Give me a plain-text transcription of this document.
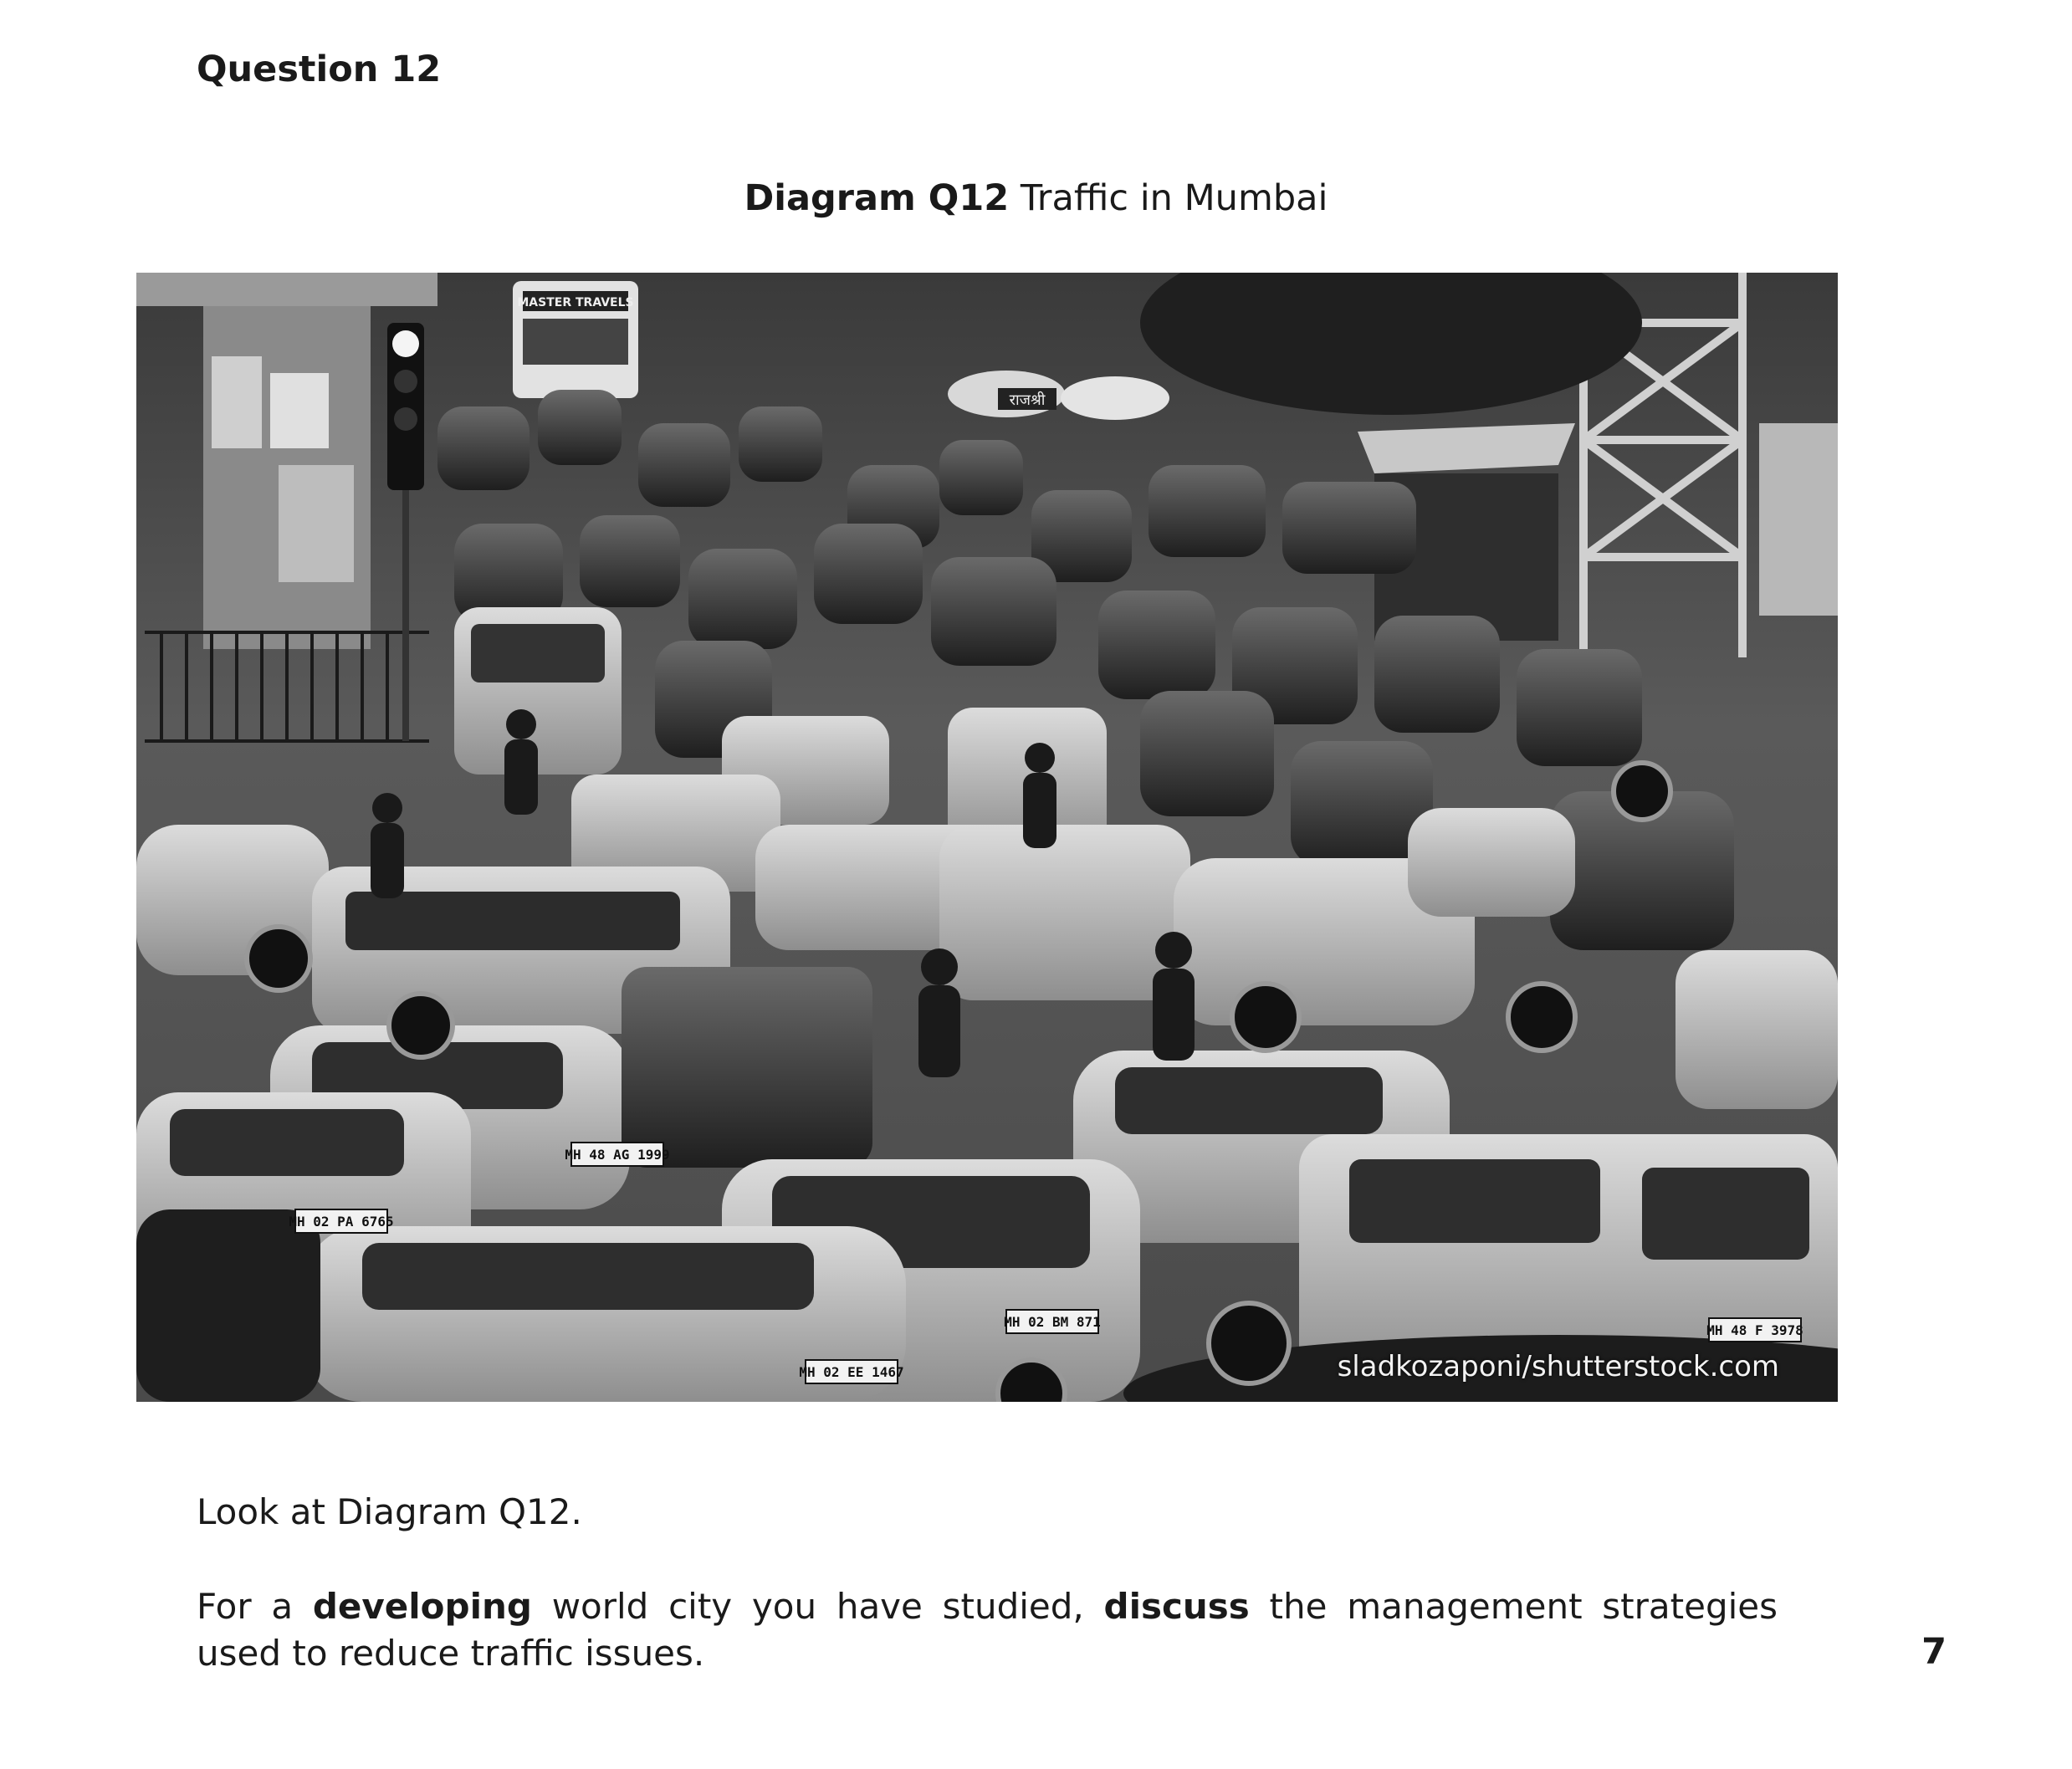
Question 12

Diagram Q12 Traffic in Mumbai

राजश्री
MASTER TRAVELS
MH 48 AG 1999
MH 02 PA 6765
MH 02 BM 871
MH 02 EE 1467
MH 48 F 3978
sladkozaponi/shutterstock.com

Look at Diagram Q12.

For a developing world city you have studied, discuss the management strategies used to reduce traffic issues.	7
